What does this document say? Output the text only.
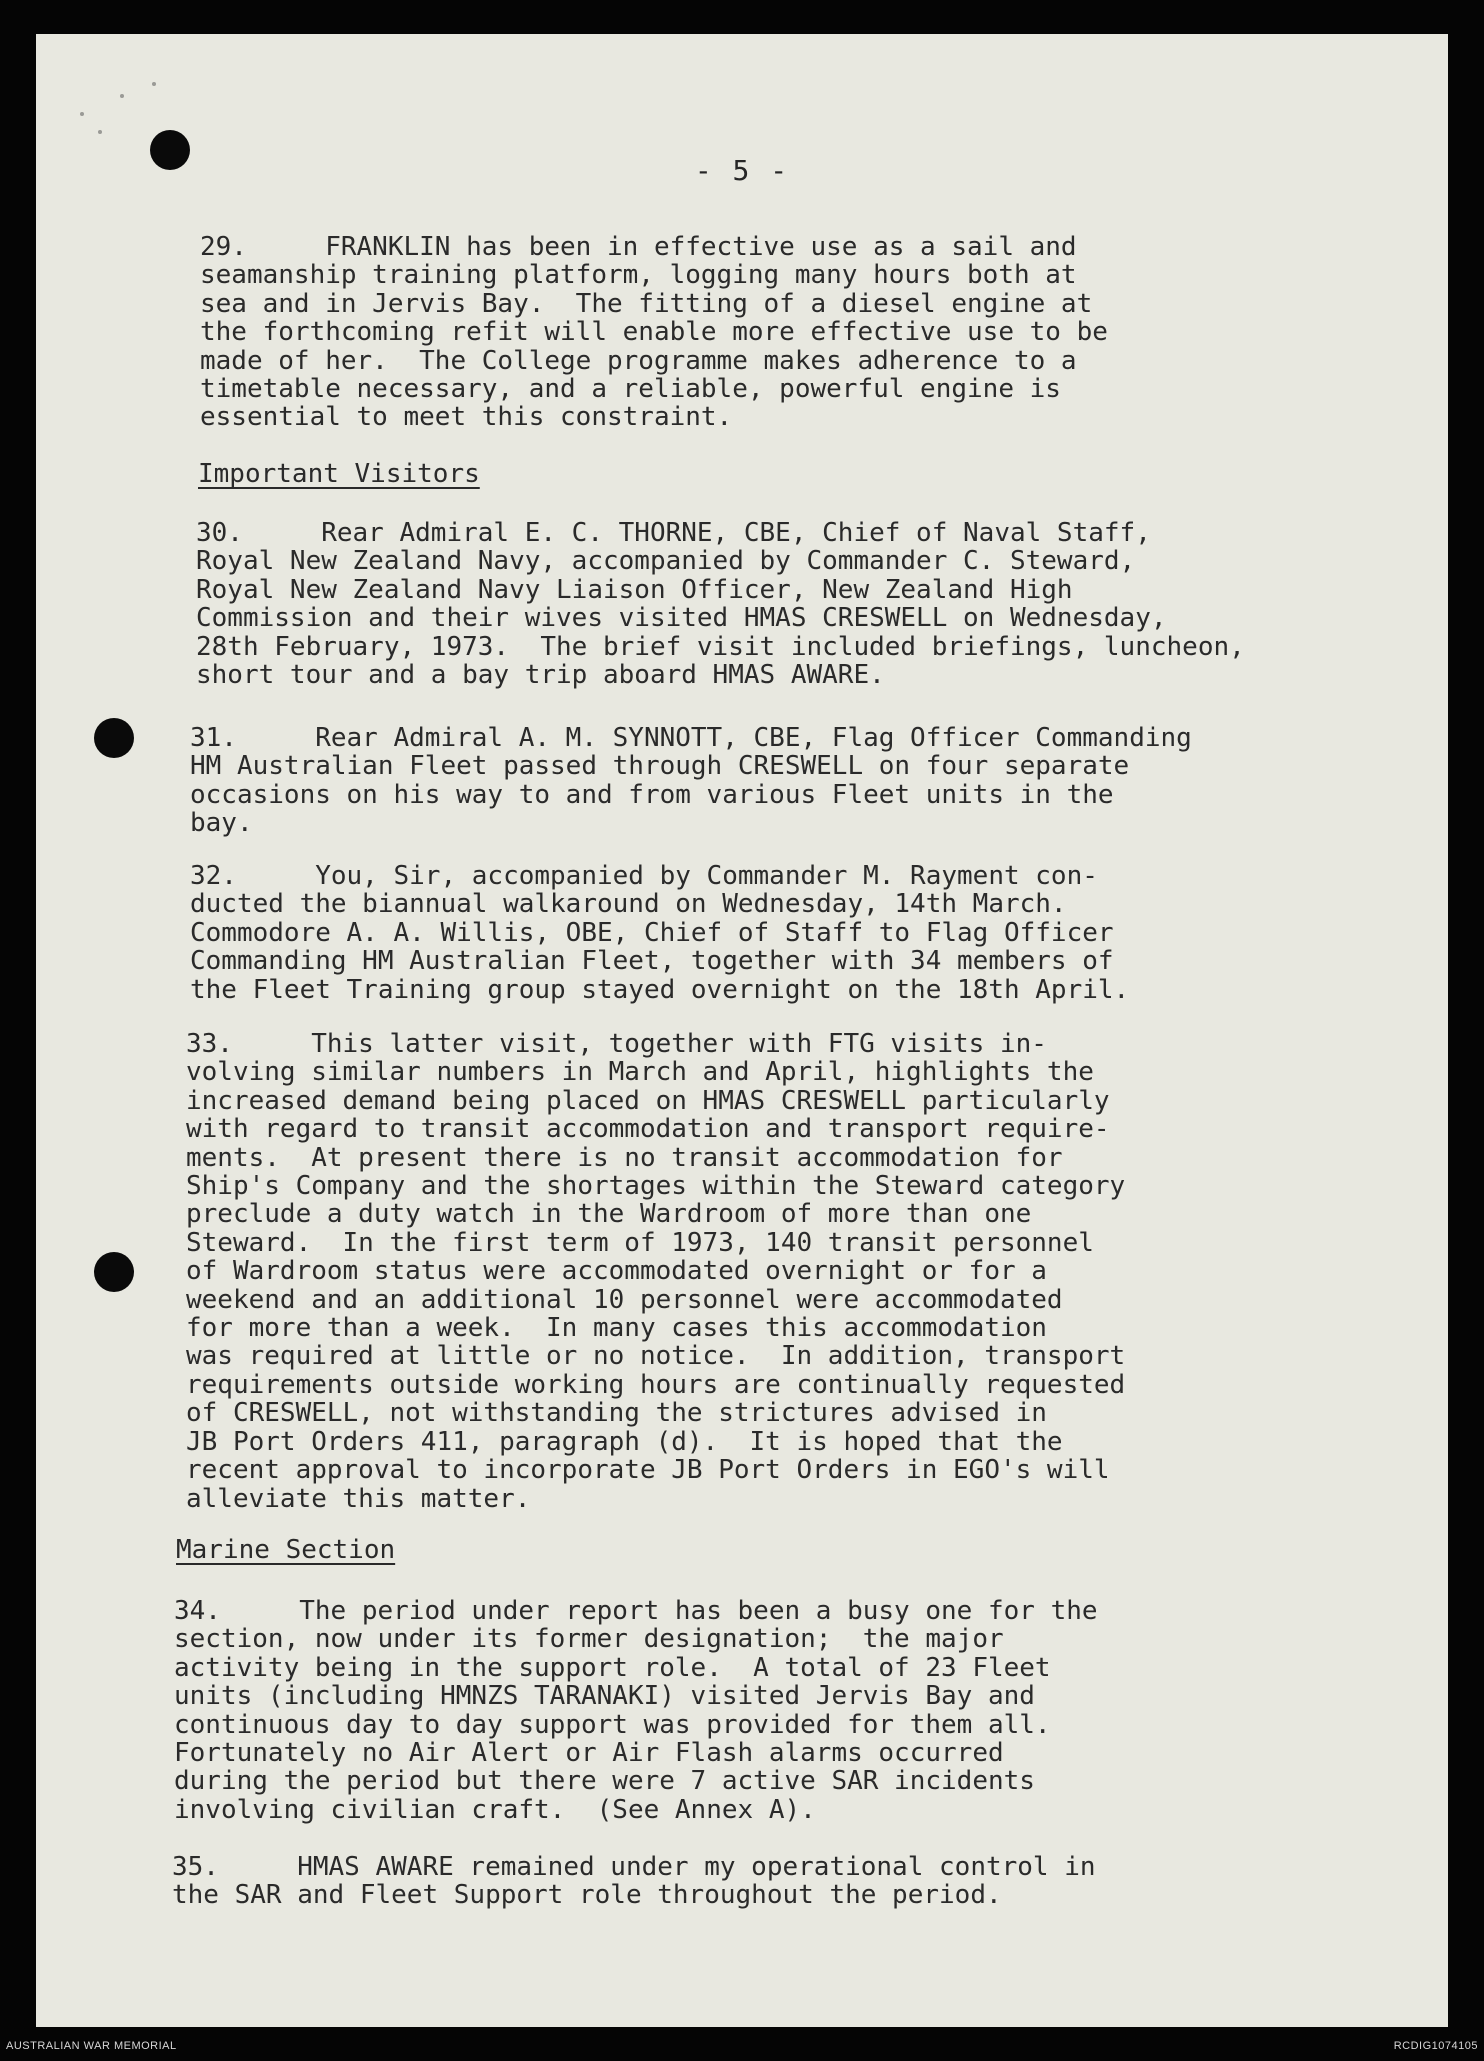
- 5 -
29.     FRANKLIN has been in effective use as a sail and
seamanship training platform, logging many hours both at
sea and in Jervis Bay.  The fitting of a diesel engine at
the forthcoming refit will enable more effective use to be
made of her.  The College programme makes adherence to a
timetable necessary, and a reliable, powerful engine is
essential to meet this constraint.
Important Visitors
30.     Rear Admiral E. C. THORNE, CBE, Chief of Naval Staff,
Royal New Zealand Navy, accompanied by Commander C. Steward,
Royal New Zealand Navy Liaison Officer, New Zealand High
Commission and their wives visited HMAS CRESWELL on Wednesday,
28th February, 1973.  The brief visit included briefings, luncheon,
short tour and a bay trip aboard HMAS AWARE.
31.     Rear Admiral A. M. SYNNOTT, CBE, Flag Officer Commanding
HM Australian Fleet passed through CRESWELL on four separate
occasions on his way to and from various Fleet units in the
bay.
32.     You, Sir, accompanied by Commander M. Rayment con-
ducted the biannual walkaround on Wednesday, 14th March.
Commodore A. A. Willis, OBE, Chief of Staff to Flag Officer
Commanding HM Australian Fleet, together with 34 members of
the Fleet Training group stayed overnight on the 18th April.
33.     This latter visit, together with FTG visits in-
volving similar numbers in March and April, highlights the
increased demand being placed on HMAS CRESWELL particularly
with regard to transit accommodation and transport require-
ments.  At present there is no transit accommodation for
Ship's Company and the shortages within the Steward category
preclude a duty watch in the Wardroom of more than one
Steward.  In the first term of 1973, 140 transit personnel
of Wardroom status were accommodated overnight or for a
weekend and an additional 10 personnel were accommodated
for more than a week.  In many cases this accommodation
was required at little or no notice.  In addition, transport
requirements outside working hours are continually requested
of CRESWELL, not withstanding the strictures advised in
JB Port Orders 411, paragraph (d).  It is hoped that the
recent approval to incorporate JB Port Orders in EGO's will
alleviate this matter.
Marine Section
34.     The period under report has been a busy one for the
section, now under its former designation;  the major
activity being in the support role.  A total of 23 Fleet
units (including HMNZS TARANAKI) visited Jervis Bay and
continuous day to day support was provided for them all.
Fortunately no Air Alert or Air Flash alarms occurred
during the period but there were 7 active SAR incidents
involving civilian craft.  (See Annex A).
35.     HMAS AWARE remained under my operational control in
the SAR and Fleet Support role throughout the period.
AUSTRALIAN WAR MEMORIAL	RCDIG1074105
